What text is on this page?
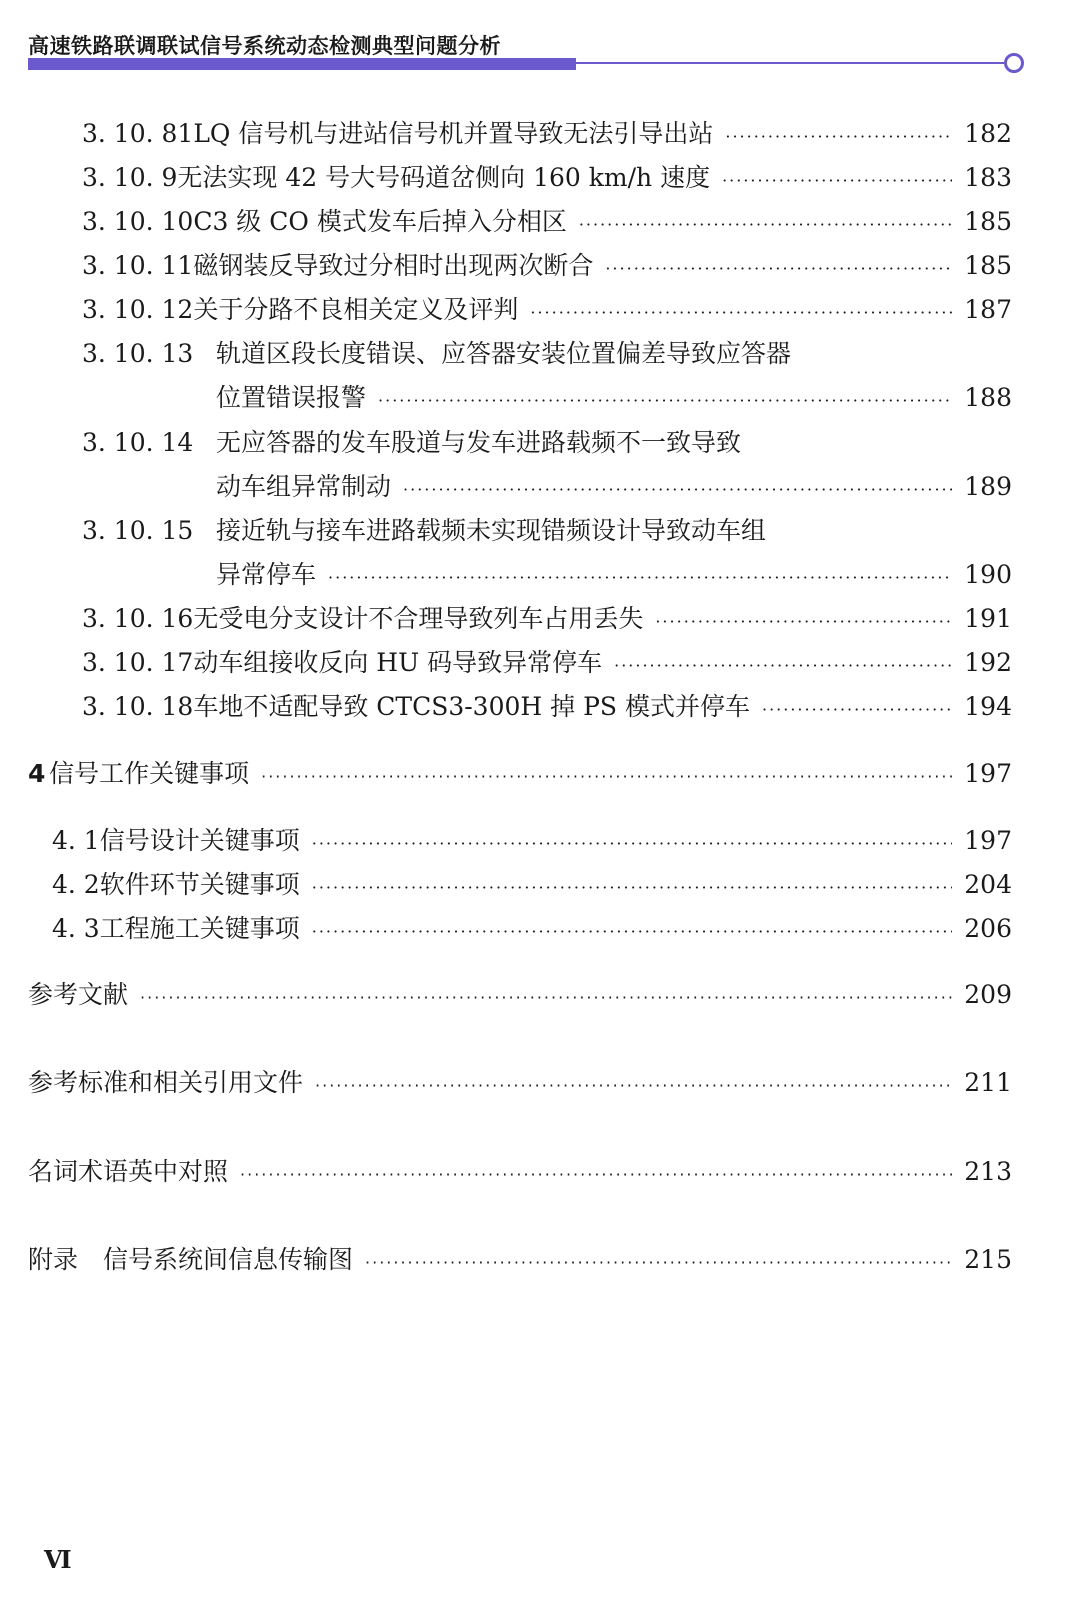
高速铁路联调联试信号系统动态检测典型问题分析
3. 10. 8 1LQ 信号机与进站信号机并置导致无法引导出站 ·····	182
3. 10. 9 无法实现 42 号大号码道岔侧向 160 km/h 速度 ·····	183
3. 10. 10 C3 级 CO 模式发车后掉入分相区 ·····	185
3. 10. 11 磁钢装反导致过分相时出现两次断合 ·····	185
3. 10. 12 关于分路不良相关定义及评判 ·····	187
3. 10. 13 轨道区段长度错误、应答器安装位置偏差导致应答器
位置错误报警 ·····	188
3. 10. 14 无应答器的发车股道与发车进路载频不一致导致
动车组异常制动 ·····	189
3. 10. 15 接近轨与接车进路载频未实现错频设计导致动车组
异常停车 ·····	190
3. 10. 16 无受电分支设计不合理导致列车占用丢失 ·····	191
3. 10. 17 动车组接收反向 HU 码导致异常停车 ·····	192
3. 10. 18 车地不适配导致 CTCS3-300H 掉 PS 模式并停车 ·····	194
4 信号工作关键事项 ·····	197
4. 1 信号设计关键事项 ·····	197
4. 2 软件环节关键事项 ·····	204
4. 3 工程施工关键事项 ·····	206
参考文献 ·····	209
参考标准和相关引用文件 ·····	211
名词术语英中对照 ·····	213
附录　信号系统间信息传输图 ·····	215
Ⅵ
